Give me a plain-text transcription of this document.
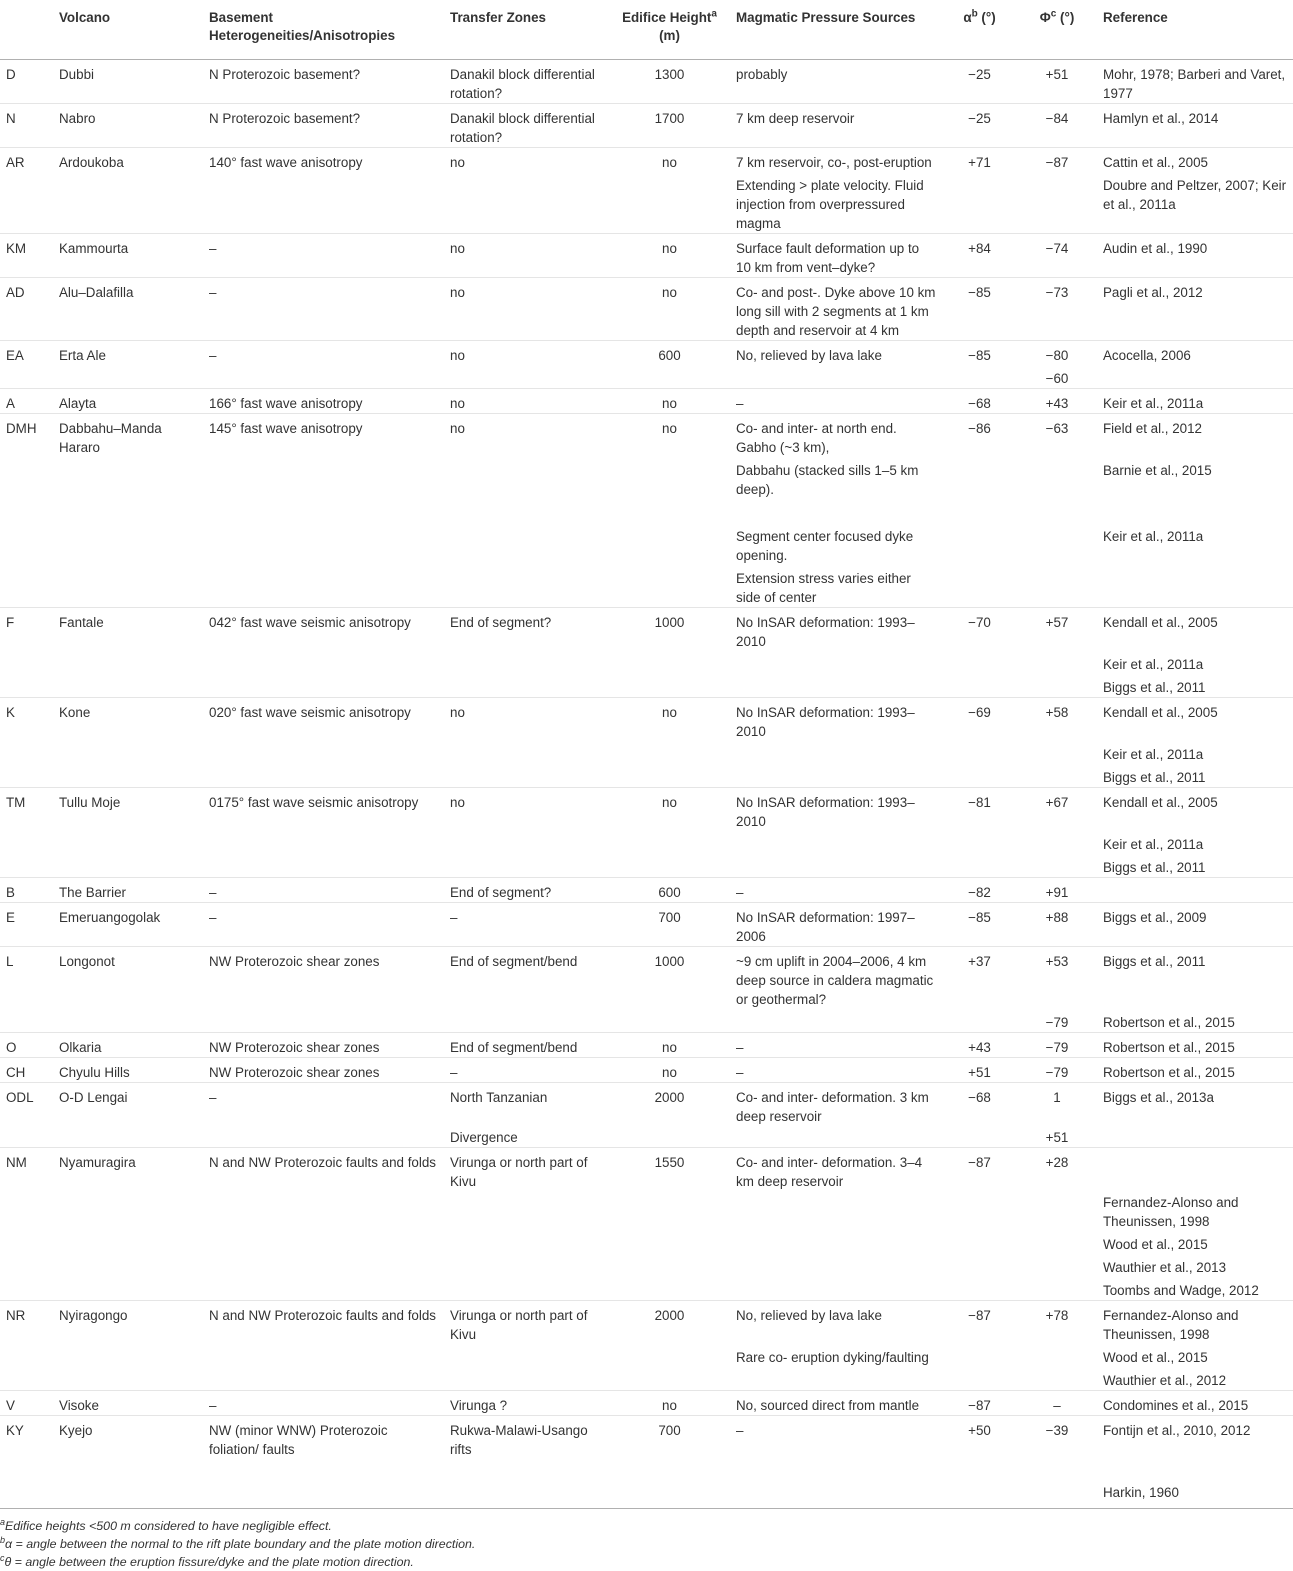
	Volcano	Basement Heterogeneities/Anisotropies	Transfer Zones	Edifice Height$^a$ (m)	Magmatic Pressure Sources	$\alpha^b$ (°)	$\Phi^c$ (°)	Reference
D	Dubbi	N Proterozoic basement?	Danakil block differential rotation?	1300	probably	−25	+51	Mohr, 1978; Barberi and Varet, 1977
N	Nabro	N Proterozoic basement?	Danakil block differential rotation?	1700	7 km deep reservoir	−25	−84	Hamlyn et al., 2014
AR	Ardoukoba	140° fast wave anisotropy	no	no	7 km reservoir, co-, post-eruption	+71	−87	Cattin et al., 2005
					Extending > plate velocity. Fluid injection from overpressured magma			Doubre and Peltzer, 2007; Keir et al., 2011a
KM	Kammourta	–	no	no	Surface fault deformation up to 10 km from vent–dyke?	+84	−74	Audin et al., 1990
AD	Alu–Dalafilla	–	no	no	Co- and post-. Dyke above 10 km long sill with 2 segments at 1 km depth and reservoir at 4 km	−85	−73	Pagli et al., 2012
EA	Erta Ale	–	no	600	No, relieved by lava lake	−85	−80	Acocella, 2006
							−60	
A	Alayta	166° fast wave anisotropy	no	no	–	−68	+43	Keir et al., 2011a
DMH	Dabbahu–Manda Hararo	145° fast wave anisotropy	no	no	Co- and inter- at north end. Gabho (~3 km),	−86	−63	Field et al., 2012
					Dabbahu (stacked sills 1–5 km deep).			Barnie et al., 2015
					Segment center focused dyke opening.			Keir et al., 2011a
					Extension stress varies either side of center			
F	Fantale	042° fast wave seismic anisotropy	End of segment?	1000	No InSAR deformation: 1993–2010	−70	+57	Kendall et al., 2005
								Keir et al., 2011a
								Biggs et al., 2011
K	Kone	020° fast wave seismic anisotropy	no	no	No InSAR deformation: 1993–2010	−69	+58	Kendall et al., 2005
								Keir et al., 2011a
								Biggs et al., 2011
TM	Tullu Moje	0175° fast wave seismic anisotropy	no	no	No InSAR deformation: 1993–2010	−81	+67	Kendall et al., 2005
								Keir et al., 2011a
								Biggs et al., 2011
B	The Barrier	–	End of segment?	600	–	−82	+91	
E	Emeruangogolak	–	–	700	No InSAR deformation: 1997–2006	−85	+88	Biggs et al., 2009
L	Longonot	NW Proterozoic shear zones	End of segment/bend	1000	~9 cm uplift in 2004–2006, 4 km deep source in caldera magmatic or geothermal?	+37	+53	Biggs et al., 2011
							−79	Robertson et al., 2015
O	Olkaria	NW Proterozoic shear zones	End of segment/bend	no	–	+43	−79	Robertson et al., 2015
CH	Chyulu Hills	NW Proterozoic shear zones	–	no	–	+51	−79	Robertson et al., 2015
ODL	O-D Lengai	–	North Tanzanian	2000	Co- and inter- deformation. 3 km deep reservoir	−68	1	Biggs et al., 2013a
			Divergence				+51	
NM	Nyamuragira	N and NW Proterozoic faults and folds	Virunga or north part of Kivu	1550	Co- and inter- deformation. 3–4 km deep reservoir	−87	+28	
								Fernandez-Alonso and Theunissen, 1998
								Wood et al., 2015
								Wauthier et al., 2013
								Toombs and Wadge, 2012
NR	Nyiragongo	N and NW Proterozoic faults and folds	Virunga or north part of Kivu	2000	No, relieved by lava lake	−87	+78	Fernandez-Alonso and Theunissen, 1998
					Rare co- eruption dyking/faulting			Wood et al., 2015
								Wauthier et al., 2012
V	Visoke	–	Virunga ?	no	No, sourced direct from mantle	−87	–	Condomines et al., 2015
KY	Kyejo	NW (minor WNW) Proterozoic foliation/ faults	Rukwa-Malawi-Usango rifts	700	–	+50	−39	Fontijn et al., 2010, 2012
								Harkin, 1960
$^a$Edifice heights <500 m considered to have negligible effect.
$^b$α = angle between the normal to the rift plate boundary and the plate motion direction.
$^c$θ = angle between the eruption fissure/dyke and the plate motion direction.
